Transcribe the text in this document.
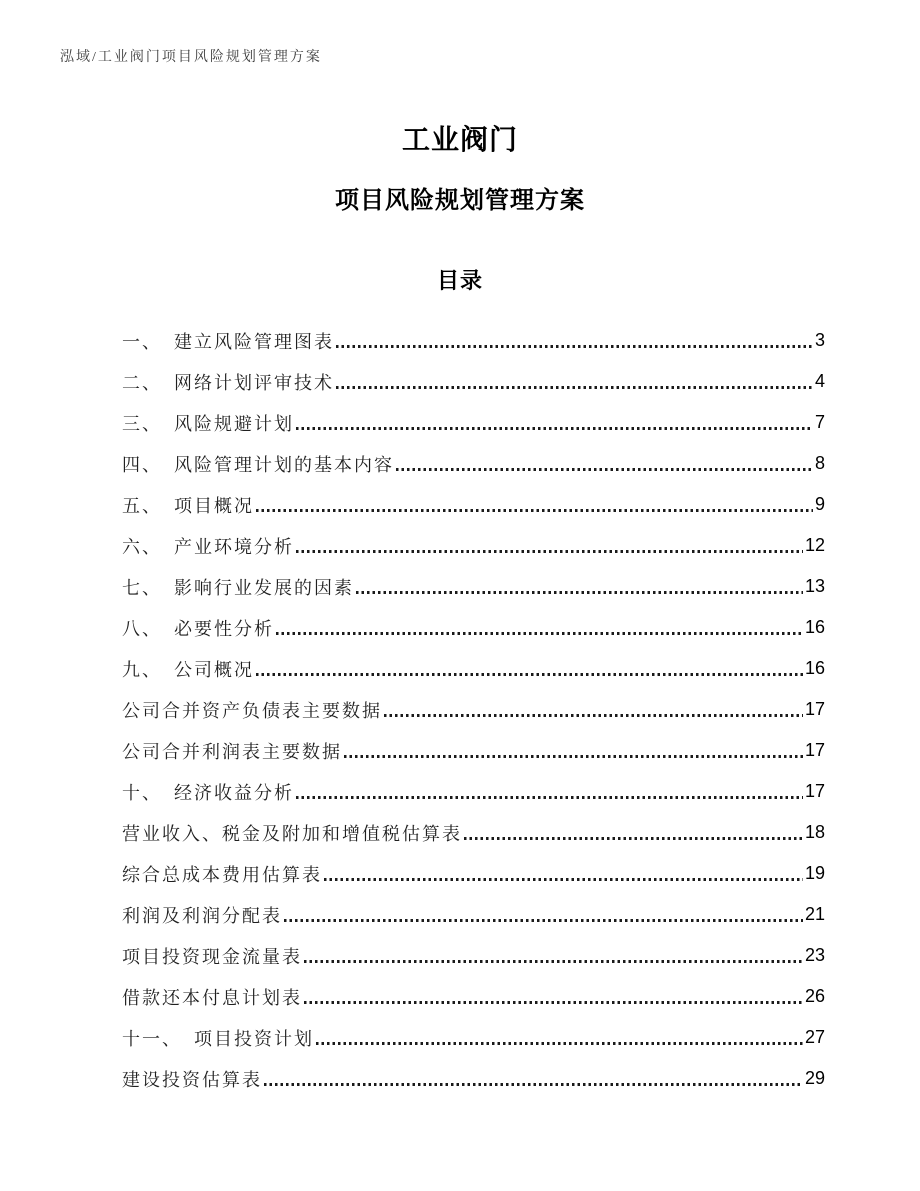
泓域/工业阀门项目风险规划管理方案
工业阀门
项目风险规划管理方案
目录
一、 建立风险管理图表	3
二、 网络计划评审技术	4
三、 风险规避计划	7
四、 风险管理计划的基本内容	8
五、 项目概况	9
六、 产业环境分析	12
七、 影响行业发展的因素	13
八、 必要性分析	16
九、 公司概况	16
公司合并资产负债表主要数据	17
公司合并利润表主要数据	17
十、 经济收益分析	17
营业收入、税金及附加和增值税估算表	18
综合总成本费用估算表	19
利润及利润分配表	21
项目投资现金流量表	23
借款还本付息计划表	26
十一、 项目投资计划	27
建设投资估算表	29
